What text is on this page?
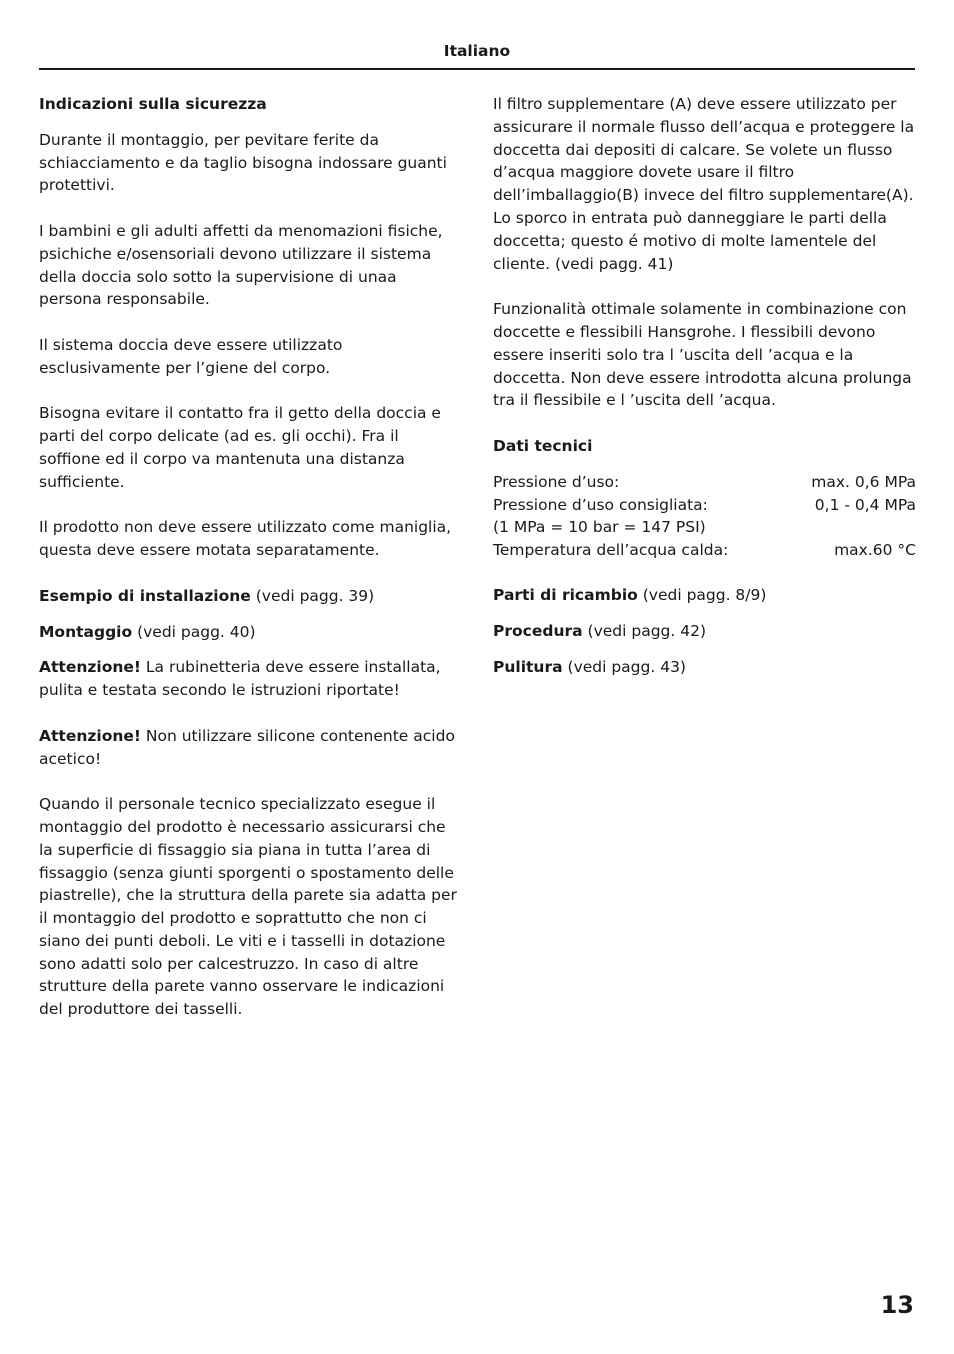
Italiano

Indicazioni sulla sicurezza

Durante il montaggio, per pevitare ferite da schiacciamento e da taglio bisogna indossare guanti protettivi.

I bambini e gli adulti affetti da menomazioni fisiche, psichiche e/osensoriali devono utilizzare il sistema della doccia solo sotto la supervisione di unaa persona responsabile.

Il sistema doccia deve essere utilizzato esclusivamente per l’giene del corpo.

Bisogna evitare il contatto fra il getto della doccia e parti del corpo delicate (ad es. gli occhi). Fra il soffione ed il corpo va mantenuta una distanza sufficiente.

Il prodotto non deve essere utilizzato come maniglia, questa deve essere motata separatamente.

Esempio di installazione (vedi pagg. 39)

Montaggio (vedi pagg. 40)

Attenzione! La rubinetteria deve essere installata, pulita e testata secondo le istruzioni riportate!

Attenzione! Non utilizzare silicone contenente acido acetico!

Quando il personale tecnico specializzato esegue il montaggio del prodotto è necessario assicurarsi che la superficie di fissaggio sia piana in tutta l’area di fissaggio (senza giunti sporgenti o spostamento delle piastrelle), che la struttura della parete sia adatta per il montaggio del prodotto e soprattutto che non ci siano dei punti deboli. Le viti e i tasselli in dotazione sono adatti solo per calcestruzzo. In caso di altre strutture della parete vanno osservare le indicazioni del produttore dei tasselli.

Il filtro supplementare (A) deve essere utilizzato per assicurare il normale flusso dell’acqua e proteggere la doccetta dai depositi di calcare. Se volete un flusso d’acqua maggiore dovete usare il filtro dell’imballaggio(B) invece del filtro supplementare(A). Lo sporco in entrata può danneggiare le parti della doccetta; questo é motivo di molte lamentele del cliente. (vedi pagg. 41)

Funzionalità ottimale solamente in combinazione con doccette e flessibili Hansgrohe. I flessibili devono essere inseriti solo tra l ’uscita dell ’acqua e la doccetta. Non deve essere introdotta alcuna prolunga tra il flessibile e l ’uscita dell ’acqua.

Dati tecnici

Pressione d’uso:	max. 0,6 MPa
Pressione d’uso consigliata:	0,1 - 0,4 MPa
(1 MPa = 10 bar = 147 PSI)
Temperatura dell’acqua calda:	max.60 °C

Parti di ricambio (vedi pagg. 8/9)

Procedura (vedi pagg. 42)

Pulitura (vedi pagg. 43)

13
